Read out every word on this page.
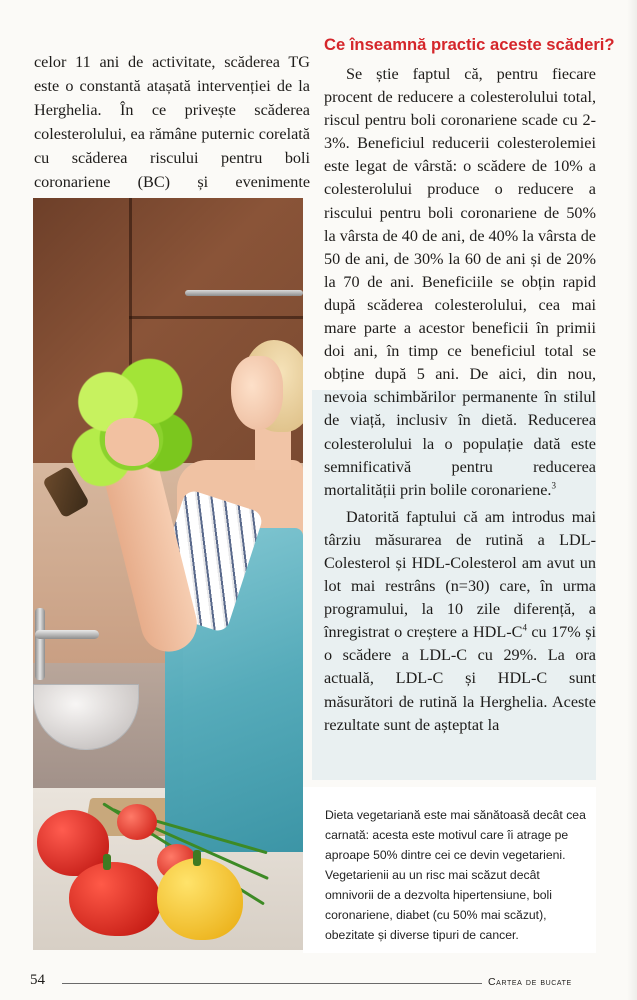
celor 11 ani de activitate, scăderea TG este o constantă atașată intervenției de la Herghelia. În ce privește scăderea colesterolului, ea rămâne puternic corelată cu scăderea riscului pentru boli coronariene (BC) și evenimente

Ce înseamnă practic aceste scăderi?

Se știe faptul că, pentru fiecare procent de reducere a colesterolului total, riscul pentru boli coronariene scade cu 2-3%. Beneficiul reducerii colesterolemiei este legat de vârstă: o scădere de 10% a colesterolului produce o reducere a riscului pentru boli coronariene de 50% la vârsta de 40 de ani, de 40% la vârsta de 50 de ani, de 30% la 60 de ani și de 20% la 70 de ani. Beneficiile se obțin rapid după scăderea colesterolului, cea mai mare parte a acestor beneficii în primii doi ani, în timp ce beneficiul total se obține după 5 ani. De aici, din nou, nevoia schimbărilor permanente în stilul de viață, inclusiv în dietă. Reducerea colesterolului la o populație dată este semnificativă pentru reducerea mortalității prin bolile coronariene.$^3$

Datorită faptului că am introdus mai târziu măsurarea de rutină a LDL-Colesterol și HDL-Colesterol am avut un lot mai restrâns (n=30) care, în urma programului, la 10 zile diferență, a înregistrat o creștere a HDL-$C^4$ cu 17% și o scădere a LDL-C cu 29%. La ora actuală, LDL-C și HDL-C sunt măsurători de rutină la Herghelia. Aceste rezultate sunt de așteptat la

Dieta vegetariană este mai sănătoasă decât cea carnată: acesta este motivul care îi atrage pe aproape 50% dintre cei ce devin vegetarieni. Vegetarienii au un risc mai scăzut decât omnivorii de a dezvolta hipertensiune, boli coronariene, diabet (cu 50% mai scăzut), obezitate și diverse tipuri de cancer.
54	Cartea de bucate
